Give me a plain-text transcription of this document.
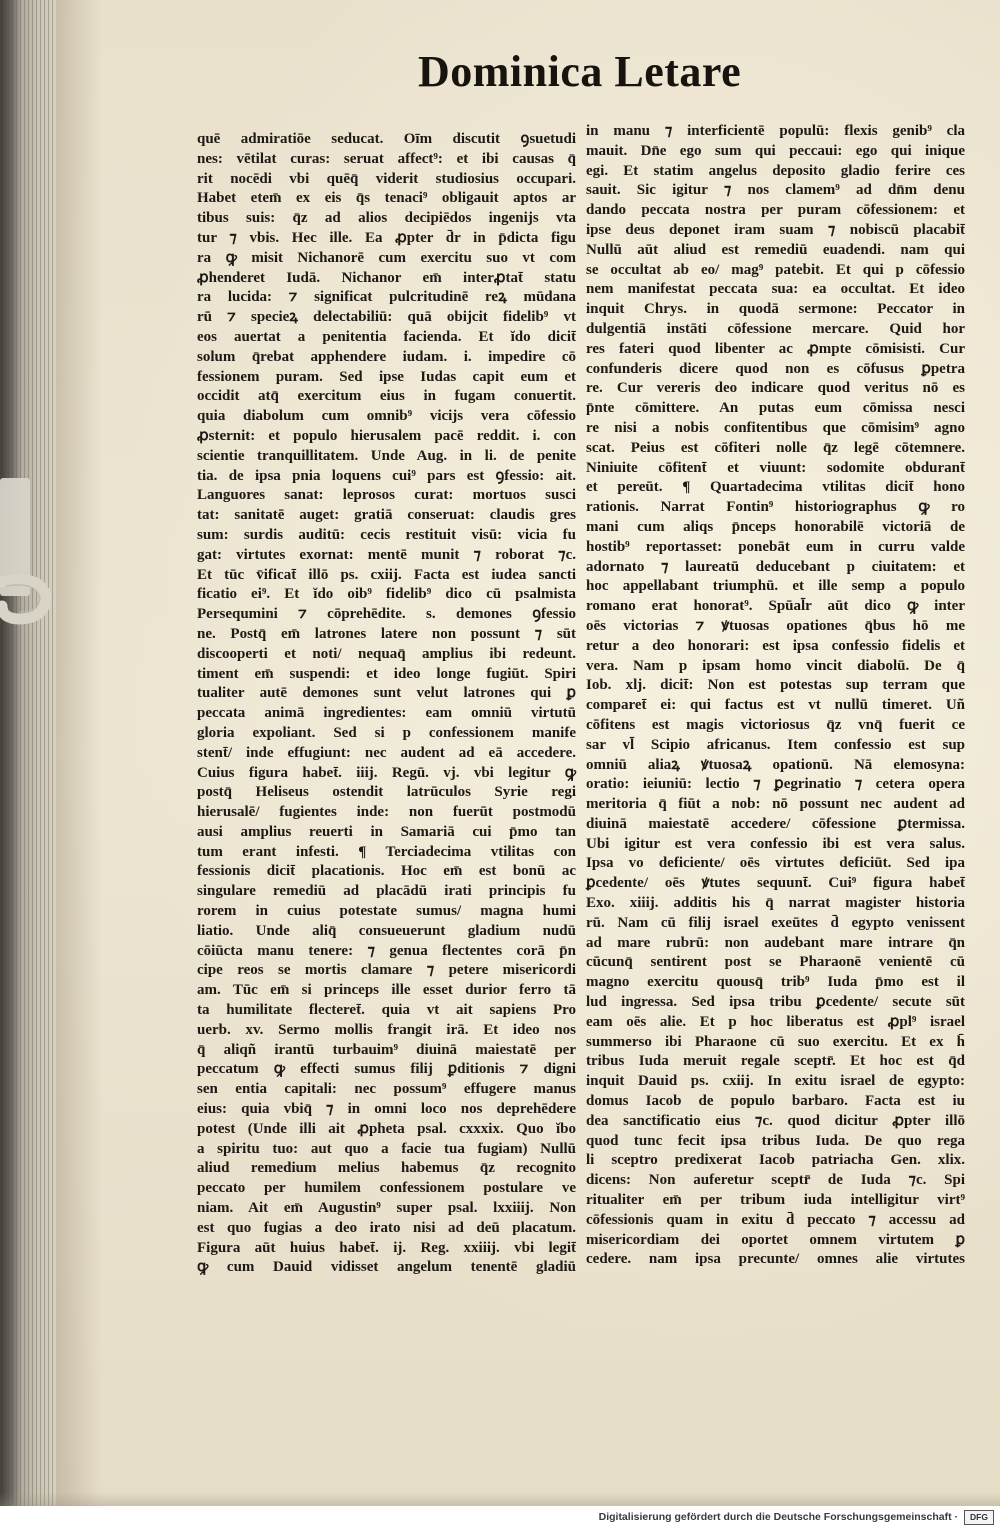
Dominica Letare
quē admiratiōe seducat. Oīm discutit ꝯsuetudi
nes: vētilat curas: seruat affect⁹: et ibi causas q̄
rit nocēdi vbi quēq̄ viderit studiosius occupari.
Habet etem̄ ex eis q̄s tenaci⁹ obligauit aptos ar
tibus suis: q̄z ad alios decipiēdos ingenijs vta
tur ⁊ vbis. Hec ille. Ea ꝓpter d̄r in p̄dicta figu
ra ꝙ misit Nichanorē cum exercitu suo vt com
ꝓhenderet Iudā. Nichanor em̄ interꝓtat̄ statu
ra lucida: ⁊ significat pulcritudinē reꝝ mūdana
rū ⁊ specieꝝ delectabiliū: quā obijcit fidelib⁹ vt
eos auertat a penitentia facienda. Et ĭdo dicit̄
solum q̄rebat apphendere iudam. i. impedire cō
fessionem puram. Sed ipse Iudas capit eum et
occidit atq̄ exercitum eius in fugam conuertit.
quia diabolum cum omnib⁹ vicijs vera cōfessio
ꝓsternit: et populo hierusalem pacē reddit. i. con
scientie tranquillitatem. Unde Aug. in li. de penite
tia. de ipsa pnia loquens cui⁹ pars est ꝯfessio: ait.
Languores sanat: leprosos curat: mortuos susci
tat: sanitatē auget: gratiā conseruat: claudis gres
sum: surdis auditū: cecis restituit visū: vicia fu
gat: virtutes exornat: mentē munit ⁊ roborat ⁊c.
Et tūc v̄ificat̄ illō ps. cxiij. Facta est iudea sancti
ficatio ei⁹. Et ĭdo oib⁹ fidelib⁹ dico cū psalmista
Persequmini ⁊ cōprehēdite. s. demones ꝯfessio
ne. Postq̄ em̄ latrones latere non possunt ⁊ sūt
discooperti et noti/ nequaq̄ amplius ibi redeunt.
timent em̄ suspendi: et ideo longe fugiūt. Spiri
tualiter autē demones sunt velut latrones qui ꝑ
peccata animā ingredientes: eam omniū virtutū
gloria expoliant. Sed si p confessionem manife
stent̄/ inde effugiunt: nec audent ad eā accedere.
Cuius figura habet̄. iiij. Regū. vj. vbi legitur ꝙ
postq̄ Heliseus ostendit latrūculos Syrie regi
hierusalē/ fugientes inde: non fuerūt postmodū
ausi amplius reuerti in Samariā cui p̄mo tan
tum erant infesti. ¶ Terciadecima vtilitas con
fessionis dicit̄ placationis. Hoc em̄ est bonū ac
singulare remediū ad placādū irati principis fu
rorem in cuius potestate sumus/ magna humi
liatio. Unde aliq̄ consueuerunt gladium nudū
cōiūcta manu tenere: ⁊ genua flectentes corā p̄n
cipe reos se mortis clamare ⁊ petere misericordi
am. Tūc em̄ si princeps ille esset durior ferro tā
ta humilitate flecteret̄. quia vt ait sapiens Pro
uerb. xv. Sermo mollis frangit irā. Et ideo nos
q̄ aliqñ irantū turbauim⁹ diuinā maiestatē per
peccatum ꝙ effecti sumus filij ꝑditionis ⁊ digni
sen entia capitali: nec possum⁹ effugere manus
eius: quia vbiq̄ ⁊ in omni loco nos deprehēdere
potest (Unde illi ait ꝓpheta psal. cxxxix. Quo ĭbo
a spiritu tuo: aut quo a facie tua fugiam) Nullū
aliud remedium melius habemus q̄z recognito
peccato per humilem confessionem postulare ve
niam. Ait em̄ Augustin⁹ super psal. lxxiiij. Non
est quo fugias a deo irato nisi ad deū placatum.
Figura aūt huius habet̄. ij. Reg. xxiiij. vbi legit̄
ꝙ cum Dauid vidisset angelum tenentē gladiū
in manu ⁊ interficientē populū: flexis genib⁹ cla
mauit. Dn̄e ego sum qui peccaui: ego qui inique
egi. Et statim angelus deposito gladio ferire ces
sauit. Sic igitur ⁊ nos clamem⁹ ad dn̄m denu
dando peccata nostra per puram cōfessionem: et
ipse deus deponet iram suam ⁊ nobiscū placabit̄
Nullū aūt aliud est remediū euadendi. nam qui
se occultat ab eo/ mag⁹ patebit. Et qui p cōfessio
nem manifestat peccata sua: ea occultat. Et ideo
inquit Chrys. in quodā sermone: Peccator in
dulgentiā instāti cōfessione mercare. Quid hor
res fateri quod libenter ac ꝓmpte cōmisisti. Cur
confunderis dicere quod non es cōfusus ꝑpetra
re. Cur vereris deo indicare quod veritus nō es
p̄nte cōmittere. An putas eum cōmissa nesci
re nisi a nobis confitentibus que cōmisim⁹ agno
scat. Peius est cōfiteri nolle q̄z legē cōtemnere.
Niniuite cōfitent̄ et viuunt: sodomite obdurant̄
et pereūt. ¶ Quartadecima vtilitas dicit̄ hono
rationis. Narrat Fontin⁹ historiographus ꝙ ro
mani cum aliqs p̄nceps honorabilē victoriā de
hostib⁹ reportasset: ponebāt eum in curru valde
adornato ⁊ laureatū deducebant p ciuitatem: et
hoc appellabant triumphū. et ille semp a populo
romano erat honorat⁹. Spūal̄r aūt dico ꝙ inter
oēs victorias ⁊ ꝟtuosas opationes q̄bus hō me
retur a deo honorari: est ipsa confessio fidelis et
vera. Nam p ipsam homo vincit diabolū. De q̄
Iob. xlj. dicit̄: Non est potestas sup terram que
comparet̄ ei: qui factus est vt nullū timeret. Uñ
cōfitens est magis victoriosus q̄z vnq̄ fuerit ce
sar vl̄ Scipio africanus. Item confessio est sup
omniū aliaꝝ ꝟtuosaꝝ opationū. Nā elemosyna:
oratio: ieiuniū: lectio ⁊ ꝑegrinatio ⁊ cetera opera
meritoria q̄ fiūt a nob: nō possunt nec audent ad
diuinā maiestatē accedere/ cōfessione ꝑtermissa.
Ubi igitur est vera confessio ibi est vera salus.
Ipsa vo deficiente/ oēs virtutes deficiūt. Sed ipa
ꝑcedente/ oēs ꝟtutes sequunt̄. Cui⁹ figura habet̄
Exo. xiiij. additis his q̄ narrat magister historia
rū. Nam cū filij israel exeūtes d̄ egypto venissent
ad mare rubrū: non audebant mare intrare q̄n
cūcunq̄ sentirent post se Pharaonē venientē cū
magno exercitu quousq̄ trib⁹ Iuda p̄mo est il
lud ingressa. Sed ipsa tribu ꝑcedente/ secute sūt
eam oēs alie. Et p hoc liberatus est ꝓpl⁹ israel
summerso ibi Pharaone cū suo exercitu. Et ex h̄
tribus Iuda meruit regale sceptr̄. Et hoc est q̄d
inquit Dauid ps. cxiij. In exitu israel de egypto:
domus Iacob de populo barbaro. Facta est iu
dea sanctificatio eius ⁊c. quod dicitur ꝓpter illō
quod tunc fecit ipsa tribus Iuda. De quo rega
li sceptro predixerat Iacob patriacha Gen. xlix.
dicens: Non auferetur sceptr̄ de Iuda ⁊c. Spi
ritualiter em̄ per tribum iuda intelligitur virt⁹
cōfessionis quam in exitu d̄ peccato ⁊ accessu ad
misericordiam dei oportet omnem virtutem ꝑ
cedere. nam ipsa precunte/ omnes alie virtutes
Digitalisierung gefördert durch die Deutsche Forschungsgemeinschaft ·	DFG
